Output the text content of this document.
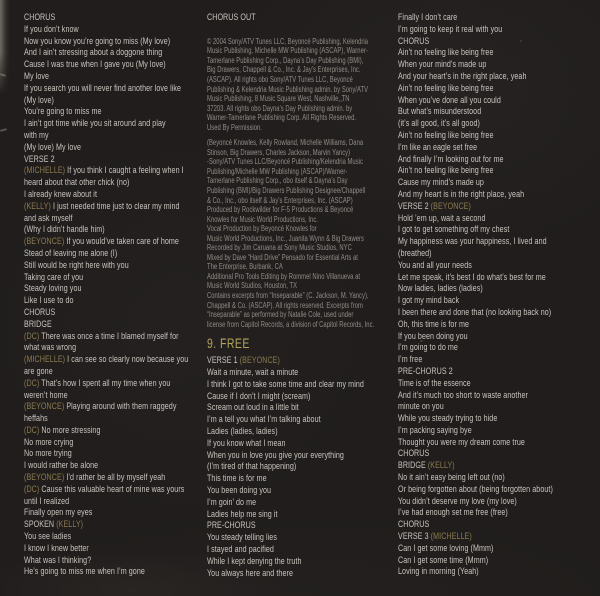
CHORUS
If you don’t know
Now you know you’re going to miss (My love)
And I ain’t stressing about a doggone thing
Cause I was true when I gave you (My love)
My love
If you search you will never find another love like
(My love)
You’re going to miss me
I ain’t got time while you sit around and play
with my
(My love) My love
VERSE 2
(MICHELLE) If you think I caught a feeling when I
heard about that other chick (no)
I already knew about it
(KELLY) I just needed time just to clear my mind
and ask myself
(Why I didn’t handle him)
(BEYONCE) If you would’ve taken care of home
Stead of leaving me alone (I)
Still would be right here with you
Taking care of you
Steady loving you
Like I use to do
CHORUS
BRIDGE
(DC) There was once a time I blamed myself for
what was wrong
(MICHELLE) I can see so clearly now because you
are gone
(DC) That’s how I spent all my time when you
weren’t home
(BEYONCE) Playing around with them raggedy
heffahs
(DC) No more stressing
No more crying
No more trying
I would rather be alone
(BEYONCE) I’d rather be all by myself yeah
(DC) Cause this valuable heart of mine was yours
until I realized
Finally open my eyes
SPOKEN (KELLY)
You see ladies
I know I knew better
What was I thinking?
He’s going to miss me when I’m gone
CHORUS OUT
© 2004 Sony/ATV Tunes LLC, Beyoncé Publishing, Kelendria
Music Publishing, Michelle MW Publishing (ASCAP), Warner-
Tamerlane Publishing Corp., Dayna’s Day Publishing (BMI),
Big Drawers, Chappell & Co., Inc. & Jay’s Enterprises, Inc.
(ASCAP). All rights obo Sony/ATV Tunes LLC, Beyoncé
Publishing & Kelendria Music Publishing admin. by Sony/ATV
Music Publishing, 8 Music Square West, Nashville, TN
37203. All rights obo Dayna’s Day Publishing admin. by
Warner-Tamerlane Publishing Corp. All Rights Reserved.
Used By Permission.
(Beyoncé Knowles, Kelly Rowland, Michelle Williams, Dana
Stinson, Big Drawers, Charles Jackson, Marvin Yancy)
-Sony/ATV Tunes LLC/Beyoncé Publishing/Kelendria Music
Publishing/Michelle MW Publishing (ASCAP)/Warner-
Tamerlane Publishing Corp., obo itself & Dayna’s Day
Publishing (BMI)/Big Drawers Publishing Designee/Chappell
& Co., Inc., obo itself & Jay’s Enterprises, Inc. (ASCAP)
Produced by Rockwilder for F-5 Productions & Beyoncé
Knowles for Music World Productions, Inc.
Vocal Production by Beyoncé Knowles for
Music World Productions, Inc., Juanita Wynn & Big Drawers
Recorded by Jim Caruana at Sony Music Studios, NYC
Mixed by Dave “Hard Drive” Pensado for Essential Arts at
The Enterprise, Burbank, CA
Additional Pro Tools Editing by Rommel Nino Villanueva at
Music World Studios, Houston, TX
Contains excerpts from “Inseparable” (C. Jackson, M. Yancy),
Chappell & Co. (ASCAP). All rights reserved. Excerpts from
“Inseparable” as performed by Natalie Cole, used under
license from Capitol Records, a division of Capitol Records, Inc.
9. FREE
VERSE 1 (BEYONCE)
Wait a minute, wait a minute
I think I got to take some time and clear my mind
Cause if I don’t I might (scream)
Scream out loud in a little bit
I’m a tell you what I’m talking about
Ladies (ladies, ladies)
If you know what I mean
When you in love you give your everything
(I’m tired of that happening)
This time is for me
You been doing you
I’m goin’ do me
Ladies help me sing it
PRE-CHORUS
You steady telling lies
I stayed and pacified
While I kept denying the truth
You always here and there
Finally I don’t care
I’m going to keep it real with you
CHORUS
Ain’t no feeling like being free
When your mind’s made up
And your heart’s in the right place, yeah
Ain’t no feeling like being free
When you’ve done all you could
But what’s misunderstood
(it’s all good, it’s all good)
Ain’t no feeling like being free
I’m like an eagle set free
And finally I’m looking out for me
Ain’t no feeling like being free
Cause my mind’s made up
And my heart is in the right place, yeah
VERSE 2 (BEYONCE)
Hold ’em up, wait a second
I got to get something off my chest
My happiness was your happiness, I lived and
(breathed)
You and all your needs
Let me speak, it’s best I do what’s best for me
Now ladies, ladies (ladies)
I got my mind back
I been there and done that (no looking back no)
Oh, this time is for me
If you been doing you
I’m going to do me
I’m free
PRE-CHORUS 2
Time is of the essence
And it’s much too short to waste another
minute on you
While you steady trying to hide
I’m packing saying bye
Thought you were my dream come true
CHORUS
BRIDGE (KELLY)
No it ain’t easy being left out (no)
Or being forgotten about (being forgotten about)
You didn’t deserve my love (my love)
I’ve had enough set me free (free)
CHORUS
VERSE 3 (MICHELLE)
Can I get some loving (Mmm)
Can I get some time (Mmm)
Loving in morning (Yeah)
